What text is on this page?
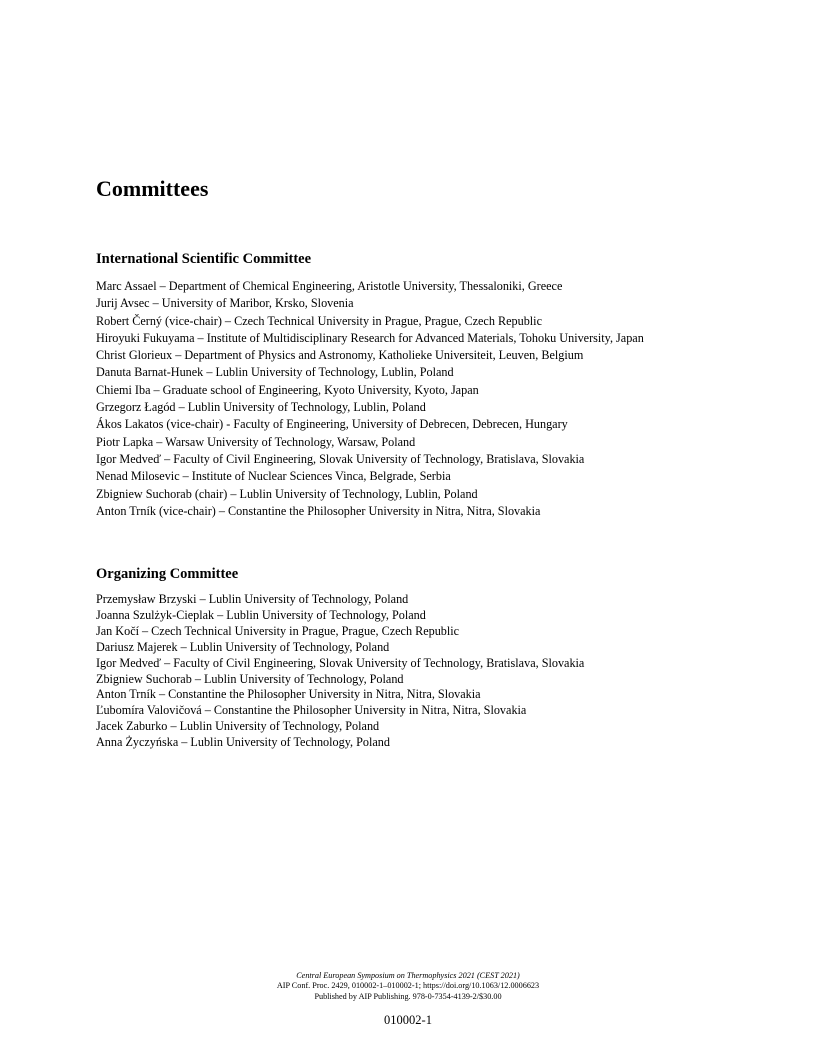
Committees
International Scientific Committee
Marc Assael – Department of Chemical Engineering, Aristotle University, Thessaloniki, Greece
Jurij Avsec – University of Maribor, Krsko, Slovenia
Robert Černý (vice-chair) – Czech Technical University in Prague, Prague, Czech Republic
Hiroyuki Fukuyama – Institute of Multidisciplinary Research for Advanced Materials, Tohoku University, Japan
Christ Glorieux – Department of Physics and Astronomy, Katholieke Universiteit, Leuven, Belgium
Danuta Barnat-Hunek – Lublin University of Technology, Lublin, Poland
Chiemi Iba – Graduate school of Engineering, Kyoto University, Kyoto, Japan
Grzegorz Łagód – Lublin University of Technology, Lublin, Poland
Ákos Lakatos (vice-chair) - Faculty of Engineering, University of Debrecen, Debrecen, Hungary
Piotr Lapka – Warsaw University of Technology, Warsaw, Poland
Igor Medveď – Faculty of Civil Engineering, Slovak University of Technology, Bratislava, Slovakia
Nenad Milosevic – Institute of Nuclear Sciences Vinca, Belgrade, Serbia
Zbigniew Suchorab (chair) – Lublin University of Technology, Lublin, Poland
Anton Trník (vice-chair) – Constantine the Philosopher University in Nitra, Nitra, Slovakia
Organizing Committee
Przemysław Brzyski – Lublin University of Technology, Poland
Joanna Szulżyk-Cieplak – Lublin University of Technology, Poland
Jan Kočí – Czech Technical University in Prague, Prague, Czech Republic
Dariusz Majerek – Lublin University of Technology, Poland
Igor Medveď – Faculty of Civil Engineering, Slovak University of Technology, Bratislava, Slovakia
Zbigniew Suchorab – Lublin University of Technology, Poland
Anton Trník – Constantine the Philosopher University in Nitra, Nitra, Slovakia
Ľubomíra Valovičová – Constantine the Philosopher University in Nitra, Nitra, Slovakia
Jacek Zaburko – Lublin University of Technology, Poland
Anna Życzyńska – Lublin University of Technology, Poland
Central European Symposium on Thermophysics 2021 (CEST 2021)
AIP Conf. Proc. 2429, 010002-1–010002-1; https://doi.org/10.1063/12.0006623
Published by AIP Publishing. 978-0-7354-4139-2/$30.00
010002-1
